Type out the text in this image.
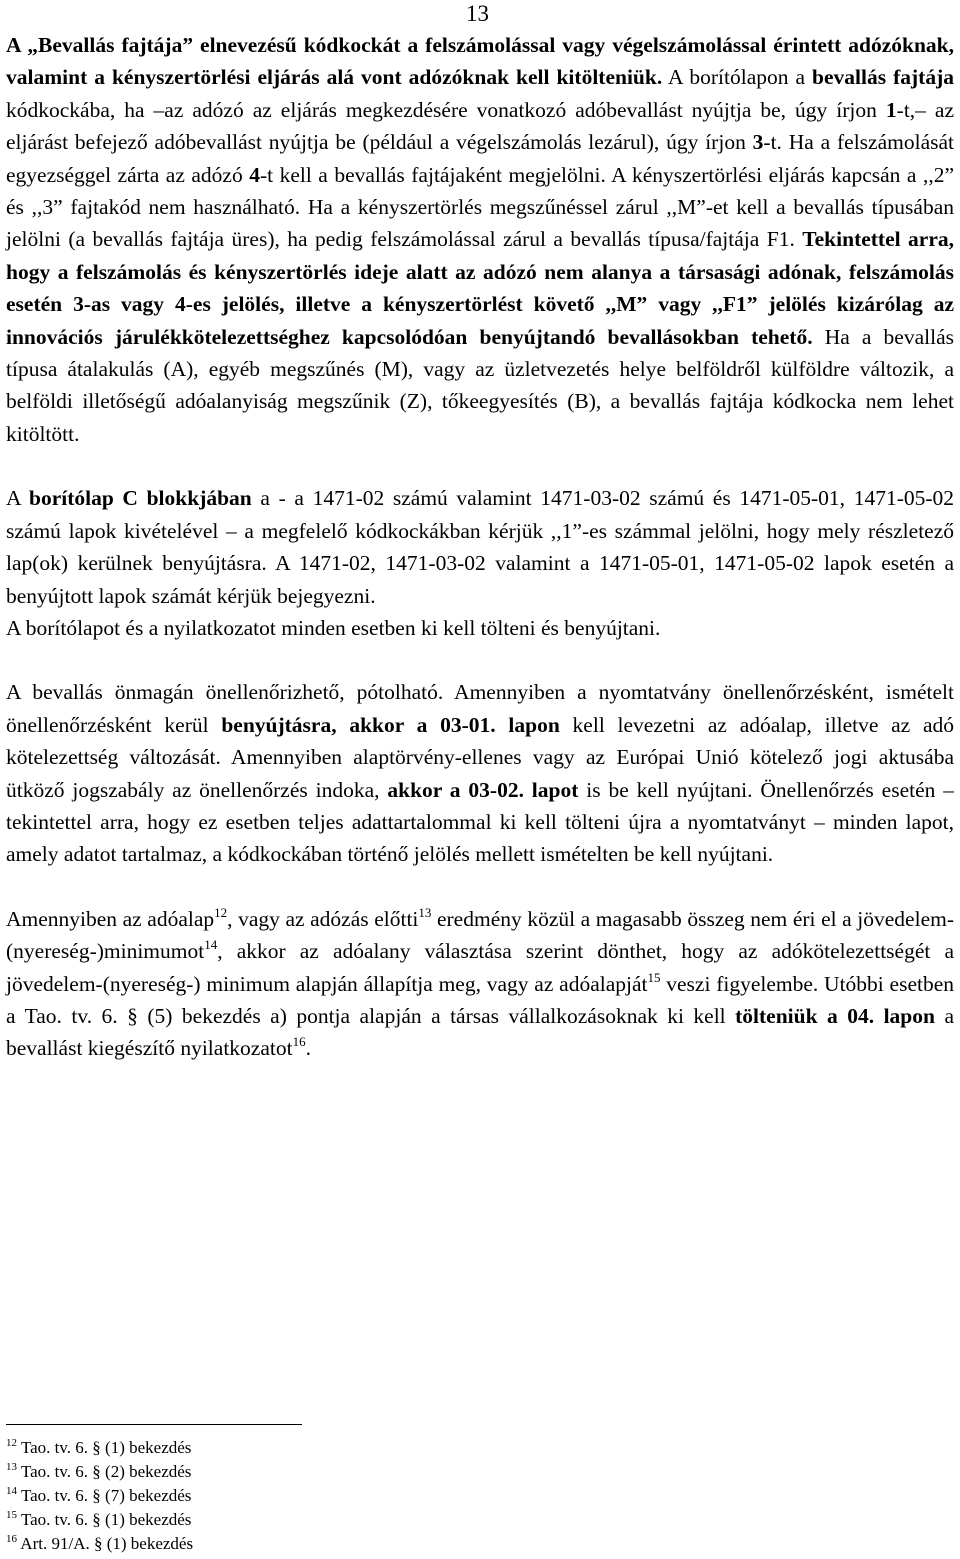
13

A „Bevallás fajtája” elnevezésű kódkockát a felszámolással vagy végelszámolással érintett adózóknak, valamint a kényszertörlési eljárás alá vont adózóknak kell kitölteniük. A borítólapon a bevallás fajtája kódkockába, ha –az adózó az eljárás megkezdésére vonatkozó adóbevallást nyújtja be, úgy írjon 1-t,– az eljárást befejező adóbevallást nyújtja be (például a végelszámolás lezárul), úgy írjon 3-t. Ha a felszámolását egyezséggel zárta az adózó 4-t kell a bevallás fajtájaként megjelölni. A kényszertörlési eljárás kapcsán a ,,2” és ,,3” fajtakód nem használható. Ha a kényszertörlés megszűnéssel zárul ,,M”-et kell a bevallás típusában jelölni (a bevallás fajtája üres), ha pedig felszámolással zárul a bevallás típusa/fajtája F1. Tekintettel arra, hogy a felszámolás és kényszertörlés ideje alatt az adózó nem alanya a társasági adónak, felszámolás esetén 3-as vagy 4-es jelölés, illetve a kényszertörlést követő ,,M” vagy ,,F1” jelölés kizárólag az innovációs járulékkötelezettséghez kapcsolódóan benyújtandó bevallásokban tehető. Ha a bevallás típusa átalakulás (A), egyéb megszűnés (M), vagy az üzletvezetés helye belföldről külföldre változik, a belföldi illetőségű adóalanyiság megszűnik (Z), tőkeegyesítés (B), a bevallás fajtája kódkocka nem lehet kitöltött.

A borítólap C blokkjában a - a 1471-02 számú valamint 1471-03-02 számú és 1471-05-01, 1471-05-02 számú lapok kivételével – a megfelelő kódkockákban kérjük ,,1”-es számmal jelölni, hogy mely részletező lap(ok) kerülnek benyújtásra. A 1471-02, 1471-03-02 valamint a 1471-05-01, 1471-05-02 lapok esetén a benyújtott lapok számát kérjük bejegyezni.

A borítólapot és a nyilatkozatot minden esetben ki kell tölteni és benyújtani.

A bevallás önmagán önellenőrizhető, pótolható. Amennyiben a nyomtatvány önellenőrzésként, ismételt önellenőrzésként kerül benyújtásra, akkor a 03-01. lapon kell levezetni az adóalap, illetve az adó kötelezettség változását. Amennyiben alaptörvény-ellenes vagy az Európai Unió kötelező jogi aktusába ütköző jogszabály az önellenőrzés indoka, akkor a 03-02. lapot is be kell nyújtani. Önellenőrzés esetén – tekintettel arra, hogy ez esetben teljes adattartalommal ki kell tölteni újra a nyomtatványt – minden lapot, amely adatot tartalmaz, a kódkockában történő jelölés mellett ismételten be kell nyújtani.

Amennyiben az adóalap$^{12}$, vagy az adózás előtti$^{13}$ eredmény közül a magasabb összeg nem éri el a jövedelem-(nyereség-)minimumot$^{14}$, akkor az adóalany választása szerint dönthet, hogy az adókötelezettségét a jövedelem-(nyereség-) minimum alapján állapítja meg, vagy az adóalapját$^{15}$ veszi figyelembe. Utóbbi esetben a Tao. tv. 6. § (5) bekezdés a) pontja alapján a társas vállalkozásoknak ki kell tölteniük a 04. lapon a bevallást kiegészítő nyilatkozatot$^{16}$.

$^{12}$ Tao. tv. 6. § (1) bekezdés
$^{13}$ Tao. tv. 6. § (2) bekezdés
$^{14}$ Tao. tv. 6. § (7) bekezdés
$^{15}$ Tao. tv. 6. § (1) bekezdés
$^{16}$ Art. 91/A. § (1) bekezdés
